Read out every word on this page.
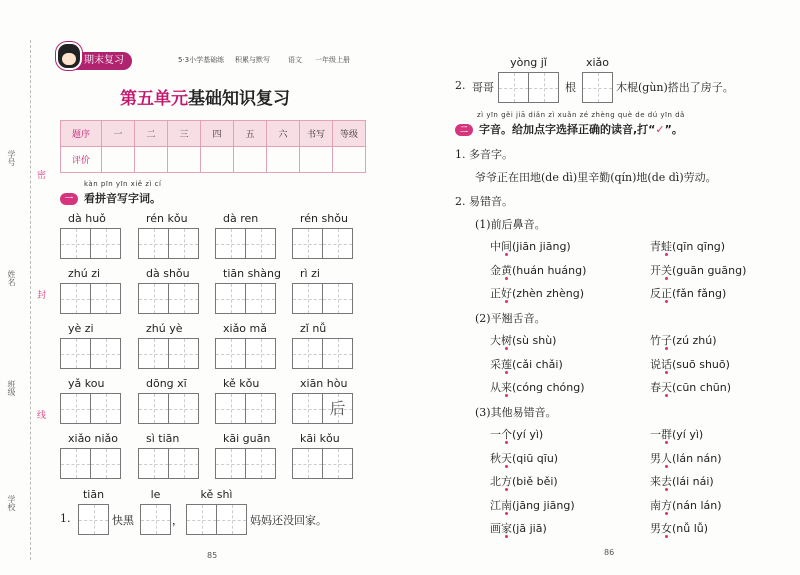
学号
姓名
班级
学校
密
封
线
期末复习	5·3小学基础练 积累与默写	语文 一年级上册
第五单元基础知识复习
题序	一	二	三	四	五	六	书写	等级
评价								
kàn pīn yīn xiě zì cí
一 看拼音写字词。
dà huǒ	rén kǒu	dà ren	rén shǒu
zhú zi	dà shǒu	tiān shàng	rì zi
yè zi	zhú yè	xiǎo mǎ	zǐ nǚ
yǎ kou	dōng xī	kě kǒu	xiān hòu
后
xiǎo niǎo	sì tiān	kāi guān	kāi kǒu
1.
tiān
快黑
le
，
kě shì
妈妈还没回家。
85
2. 哥哥
yòng jǐ
根
xiǎo
木棍(gùn)搭出了房子。
zì yīn gěi jiā diǎn zì xuǎn zé zhèng què de dú yīn dǎ
二 字音。给加点字选择正确的读音,打“✓”。
1. 多音字。
爷爷正在田地(de dì)里辛勤(qín)地(de dì)劳动。
2. 易错音。
(1)前后鼻音。
中间(jiān jiāng)	青蛙(qīn qīng)
金黄(huán huáng)	开关(guān guāng)
正好(zhèn zhèng)	反正(fǎn fǎng)
(2)平翘舌音。
大树(sù shù)	竹子(zú zhú)
采莲(cǎi chǎi)	说话(suō shuō)
从来(cóng chóng)	春天(cūn chūn)
(3)其他易错音。
一个(yí yì)	一群(yí yì)
秋天(qiū qīu)	男人(lán nán)
北方(biě běi)	来去(lái nái)
江南(jāng jiāng)	南方(nán lán)
画家(jā jiā)	男女(nǚ lǚ)
86
